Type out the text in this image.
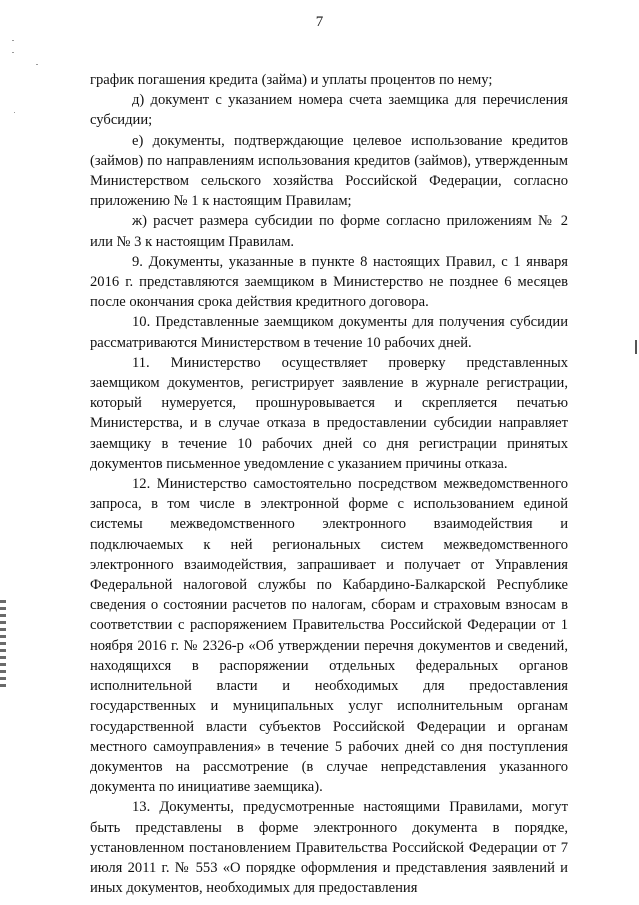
7

график погашения кредита (займа) и уплаты процентов по нему;

д) документ с указанием номера счета заемщика для перечисления субсидии;

е) документы, подтверждающие целевое использование кредитов (займов) по направлениям использования кредитов (займов), утвержденным Министерством сельского хозяйства Российской Федерации, согласно приложению № 1 к настоящим Правилам;

ж) расчет размера субсидии по форме согласно приложениям № 2 или № 3 к настоящим Правилам.

9. Документы, указанные в пункте 8 настоящих Правил, с 1 января 2016 г. представляются заемщиком в Министерство не позднее 6 месяцев после окончания срока действия кредитного договора.

10. Представленные заемщиком документы для получения субсидии рассматриваются Министерством в течение 10 рабочих дней.

11. Министерство осуществляет проверку представленных заемщиком документов, регистрирует заявление в журнале регистрации, который нумеруется, прошнуровывается и скрепляется печатью Министерства, и в случае отказа в предоставлении субсидии направляет заемщику в течение 10 рабочих дней со дня регистрации принятых документов письменное уведомление с указанием причины отказа.

12. Министерство самостоятельно посредством межведомственного запроса, в том числе в электронной форме с использованием единой системы межведомственного электронного взаимодействия и подключаемых к ней региональных систем межведомственного электронного взаимодействия, запрашивает и получает от Управления Федеральной налоговой службы по Кабардино-Балкарской Республике сведения о состоянии расчетов по налогам, сборам и страховым взносам в соответствии с распоряжением Правительства Российской Федерации от 1 ноября 2016 г. № 2326-р «Об утверждении перечня документов и сведений, находящихся в распоряжении отдельных федеральных органов исполнительной власти и необходимых для предоставления государственных и муниципальных услуг исполнительным органам государственной власти субъектов Российской Федерации и органам местного самоуправления» в течение 5 рабочих дней со дня поступления документов на рассмотрение (в случае непредставления указанного документа по инициативе заемщика).

13. Документы, предусмотренные настоящими Правилами, могут быть представлены в форме электронного документа в порядке, установленном постановлением Правительства Российской Федерации от 7 июля 2011 г. № 553 «О порядке оформления и представления заявлений и иных документов, необходимых для предоставления
